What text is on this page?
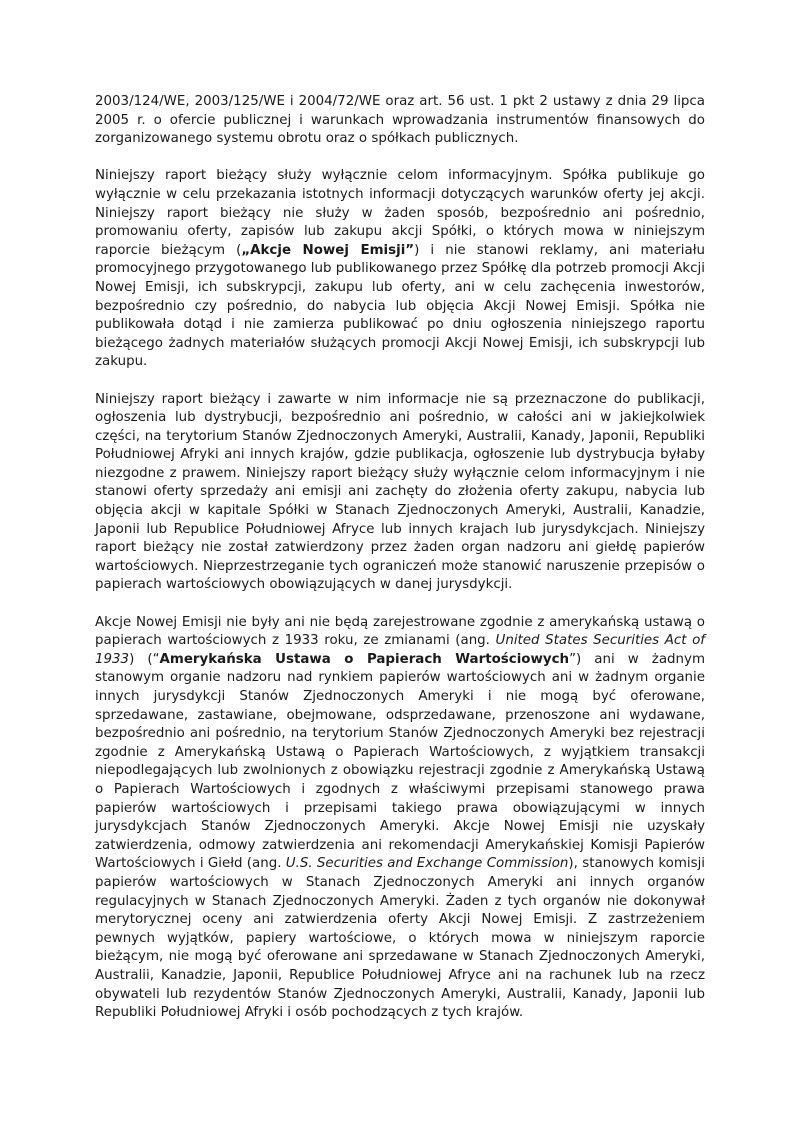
2003/124/WE, 2003/125/WE i 2004/72/WE oraz art. 56 ust. 1 pkt 2 ustawy z dnia 29 lipca 2005 r. o ofercie publicznej i warunkach wprowadzania instrumentów finansowych do zorganizowanego systemu obrotu oraz o spółkach publicznych.

Niniejszy raport bieżący służy wyłącznie celom informacyjnym. Spółka publikuje go wyłącznie w celu przekazania istotnych informacji dotyczących warunków oferty jej akcji. Niniejszy raport bieżący nie służy w żaden sposób, bezpośrednio ani pośrednio, promowaniu oferty, zapisów lub zakupu akcji Spółki, o których mowa w niniejszym raporcie bieżącym („Akcje Nowej Emisji”) i nie stanowi reklamy, ani materiału promocyjnego przygotowanego lub publikowanego przez Spółkę dla potrzeb promocji Akcji Nowej Emisji, ich subskrypcji, zakupu lub oferty, ani w celu zachęcenia inwestorów, bezpośrednio czy pośrednio, do nabycia lub objęcia Akcji Nowej Emisji. Spółka nie publikowała dotąd i nie zamierza publikować po dniu ogłoszenia niniejszego raportu bieżącego żadnych materiałów służących promocji Akcji Nowej Emisji, ich subskrypcji lub zakupu.

Niniejszy raport bieżący i zawarte w nim informacje nie są przeznaczone do publikacji, ogłoszenia lub dystrybucji, bezpośrednio ani pośrednio, w całości ani w jakiejkolwiek części, na terytorium Stanów Zjednoczonych Ameryki, Australii, Kanady, Japonii, Republiki Południowej Afryki ani innych krajów, gdzie publikacja, ogłoszenie lub dystrybucja byłaby niezgodne z prawem. Niniejszy raport bieżący służy wyłącznie celom informacyjnym i nie stanowi oferty sprzedaży ani emisji ani zachęty do złożenia oferty zakupu, nabycia lub objęcia akcji w kapitale Spółki w Stanach Zjednoczonych Ameryki, Australii, Kanadzie, Japonii lub Republice Południowej Afryce lub innych krajach lub jurysdykcjach. Niniejszy raport bieżący nie został zatwierdzony przez żaden organ nadzoru ani giełdę papierów wartościowych. Nieprzestrzeganie tych ograniczeń może stanowić naruszenie przepisów o papierach wartościowych obowiązujących w danej jurysdykcji.

Akcje Nowej Emisji nie były ani nie będą zarejestrowane zgodnie z amerykańską ustawą o papierach wartościowych z 1933 roku, ze zmianami (ang. United States Securities Act of 1933) (“Amerykańska Ustawa o Papierach Wartościowych”) ani w żadnym stanowym organie nadzoru nad rynkiem papierów wartościowych ani w żadnym organie innych jurysdykcji Stanów Zjednoczonych Ameryki i nie mogą być oferowane, sprzedawane, zastawiane, obejmowane, odsprzedawane, przenoszone ani wydawane, bezpośrednio ani pośrednio, na terytorium Stanów Zjednoczonych Ameryki bez rejestracji zgodnie z Amerykańską Ustawą o Papierach Wartościowych, z wyjątkiem transakcji niepodlegających lub zwolnionych z obowiązku rejestracji zgodnie z Amerykańską Ustawą o Papierach Wartościowych i zgodnych z właściwymi przepisami stanowego prawa papierów wartościowych i przepisami takiego prawa obowiązującymi w innych jurysdykcjach Stanów Zjednoczonych Ameryki. Akcje Nowej Emisji nie uzyskały zatwierdzenia, odmowy zatwierdzenia ani rekomendacji Amerykańskiej Komisji Papierów Wartościowych i Giełd (ang. U.S. Securities and Exchange Commission), stanowych komisji papierów wartościowych w Stanach Zjednoczonych Ameryki ani innych organów regulacyjnych w Stanach Zjednoczonych Ameryki. Żaden z tych organów nie dokonywał merytorycznej oceny ani zatwierdzenia oferty Akcji Nowej Emisji. Z zastrzeżeniem pewnych wyjątków, papiery wartościowe, o których mowa w niniejszym raporcie bieżącym, nie mogą być oferowane ani sprzedawane w Stanach Zjednoczonych Ameryki, Australii, Kanadzie, Japonii, Republice Południowej Afryce ani na rachunek lub na rzecz obywateli lub rezydentów Stanów Zjednoczonych Ameryki, Australii, Kanady, Japonii lub Republiki Południowej Afryki i osób pochodzących z tych krajów.
